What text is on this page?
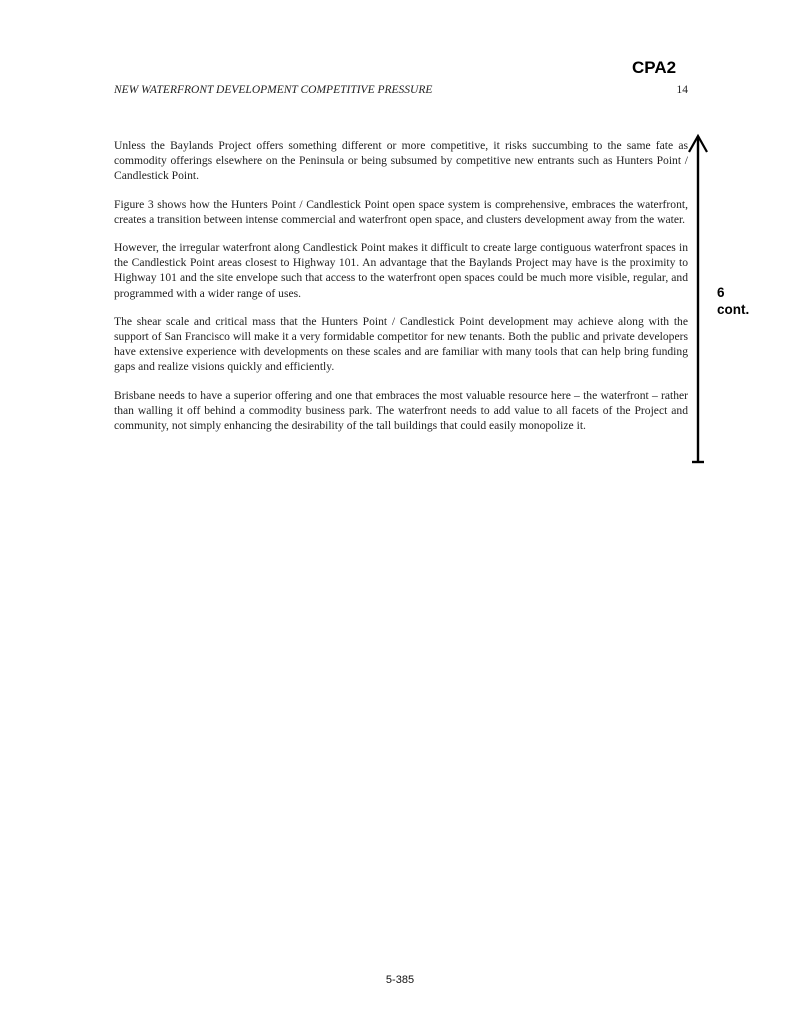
CPA2
NEW WATERFRONT DEVELOPMENT COMPETITIVE PRESSURE	14

Unless the Baylands Project offers something different or more competitive, it risks succumbing to the same fate as commodity offerings elsewhere on the Peninsula or being subsumed by competitive new entrants such as Hunters Point / Candlestick Point.

Figure 3 shows how the Hunters Point / Candlestick Point open space system is comprehensive, embraces the waterfront, creates a transition between intense commercial and waterfront open space, and clusters development away from the water.

However, the irregular waterfront along Candlestick Point makes it difficult to create large contiguous waterfront spaces in the Candlestick Point areas closest to Highway 101. An advantage that the Baylands Project may have is the proximity to Highway 101 and the site envelope such that access to the waterfront open spaces could be much more visible, regular, and programmed with a wider range of uses.

The shear scale and critical mass that the Hunters Point / Candlestick Point development may achieve along with the support of San Francisco will make it a very formidable competitor for new tenants. Both the public and private developers have extensive experience with developments on these scales and are familiar with many tools that can help bring funding gaps and realize visions quickly and efficiently.

Brisbane needs to have a superior offering and one that embraces the most valuable resource here – the waterfront – rather than walling it off behind a commodity business park. The waterfront needs to add value to all facets of the Project and community, not simply enhancing the desirability of the tall buildings that could easily monopolize it.

6
cont.
5-385
